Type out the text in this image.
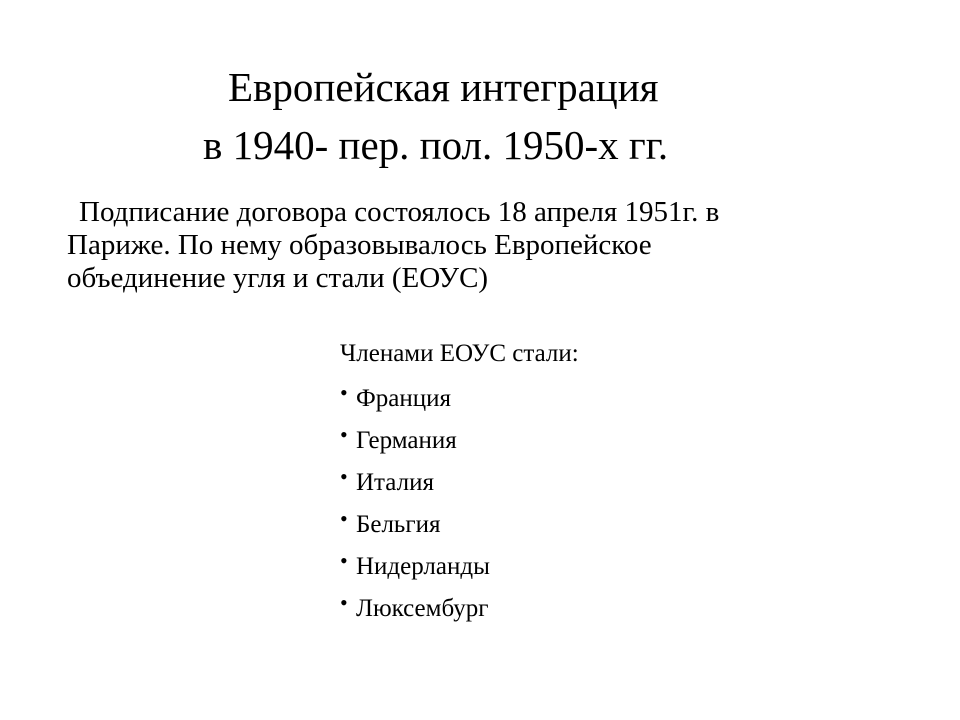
Европейская интеграция
в 1940- пер. пол. 1950-х гг.

Подписание договора состоялось 18 апреля 1951г. в
Париже. По нему образовывалось Европейское
объединение угля и стали (ЕОУС)

Членами ЕОУС стали:
• Франция
• Германия
• Италия
• Бельгия
• Нидерланды
• Люксембург
